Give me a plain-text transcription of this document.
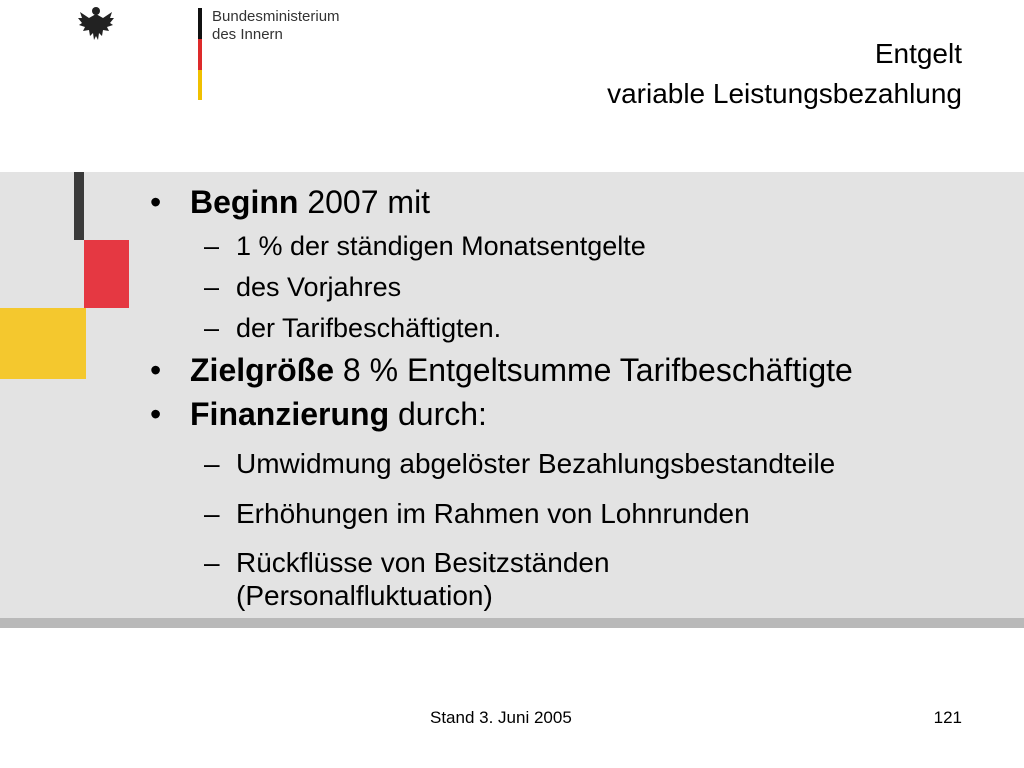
Bundesministerium
des Innern
Entgelt
variable Leistungsbezahlung
• Beginn 2007 mit
– 1 % der ständigen Monatsentgelte
– des Vorjahres
– der Tarifbeschäftigten.
• Zielgröße 8 % Entgeltsumme Tarifbeschäftigte
• Finanzierung durch:
– Umwidmung abgelöster Bezahlungsbestandteile
– Erhöhungen im Rahmen von Lohnrunden
– Rückflüsse von Besitzständen
(Personalfluktuation)
Stand 3. Juni 2005	121
